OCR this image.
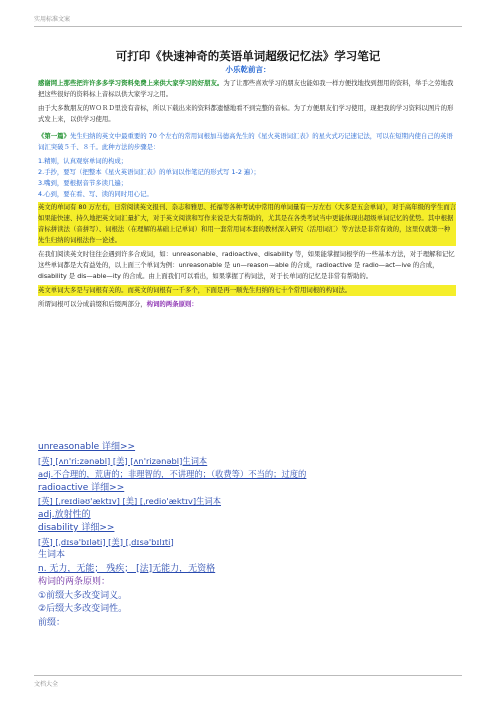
实用标准文案
可打印《快速神奇的英语单词超级记忆法》学习笔记
小乐乾前言：

感谢网上那些把许许多多学习资料免费上来供大家学习的好朋友。为了让那些喜欢学习的朋友也能如我一样方便找地找到想用的资料，举手之劳地我把这些很好的资料标上音标以供大家学习之用。

由于大多数朋友的ＷＯＲＤ里没有音标，所以下载出来的资料都遗憾地看不到完整的音标。为了方便朋友们学习使用，现把我的学习资料以图片的形式发上来，以供学习使用。

《第一篇》先生归纳的英文中最重要的 70 个左右的常用词根加马德高先生的《星火英语词汇表》的星火式巧记速记法，可以在短期内使自己的英语词汇突破５千、８千。此种方法的步骤是：

1.精则，认真观察单词的构成；
2.手抄，要写（把整本《星火英语词汇表》的单词以作笔记的形式写 1-2 遍）；
3.嘴到，要根据音节多读几遍；
4.心到，要在看、写、读的同时用心记。

英文的单词有 80 万左右，日常阅读英文报刊、杂志和雅思、托福等各种考试中常用的单词量有一万左右（大多是五会单词），对于高年级的学生而言如果能快速、持久地把英文词汇量扩大，对于英文阅读和写作来说是大有帮助的，尤其是在各类考试当中更能体现出超级单词记忆的优势。其中根据音标拼读法（音拼写）、词根法（在理解的基础上记单词）和用一套常用词本套的教材深入研究（活用词汇）等方法是非常有效的，这里仅就第一种先生归纳的词根法作一论述。

在我们阅读英文时往往会遇到许多合成词，如：unreasonable、radioactive、disability 等，如果能掌握词根学的一些基本方法，对于理解和记忆这些单词都是大有益处的，以上面三个单词为例：unreasonable 是 un—reason—able 的合成，radioactive 是 radio—act—ive 的合成，disability 是 dis—able—ity 的合成。由上面我们可以看出，如果掌握了构词法，对于长单词的记忆是非常有帮助的。

英文单词大多是与词根有关的。而英文的词根有一千多个，下面是再一顺先生归纳的七十个常用词根的构词法。

所谓词根可以分成前缀和后缀两部分，构词的两条原则：

unreasonable 详细>>
[英] [ʌn'ri:zənəbl] [美] [ʌn'rizənəbl]生词本
adj.不合理的，荒唐的；非理智的，不讲理的；（收费等）不当的；过度的
radioactive 详细>>
[英] [ˌreɪdiəʊ'æktɪv] [美] [ˌredio'æktɪv]生词本
adj.放射性的
disability 详细>>
[英] [ˌdɪsə'bɪləti] [美] [ˌdɪsə'bɪlɪti]
生词本
n. 无力，无能； 残疾； [法]无能力，无资格
构词的两条原则：
①前缀大多改变词义。
②后缀大多改变词性。
前缀：
文档大全
